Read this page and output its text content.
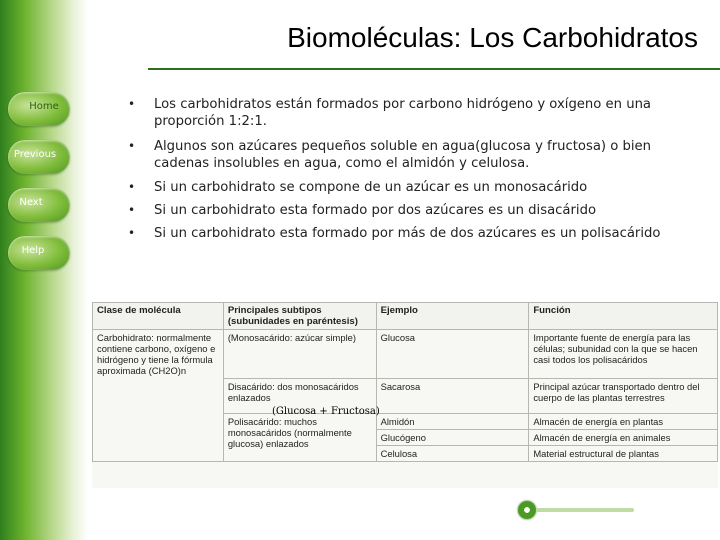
Home
Previous
Next
Help
Biomoléculas: Los Carbohidratos

• Los carbohidratos están formados por carbono hidrógeno y oxígeno en una proporción 1:2:1.

• Algunos son azúcares pequeños soluble en agua(glucosa y fructosa) o bien cadenas insolubles en agua, como el almidón y celulosa.

• Si un carbohidrato se compone de un azúcar es un monosacárido

• Si un carbohidrato esta formado por dos azúcares es un disacárido

• Si un carbohidrato esta formado por más de dos azúcares es un polisacárido

Clase de molécula	Principales subtipos (subunidades en paréntesis)	Ejemplo	Función
Carbohidrato: normalmente contiene carbono, oxígeno e hidrógeno y tiene la fórmula aproximada (CH2O)n	(Monosacárido: azúcar simple)	Glucosa	Importante fuente de energía para las células; subunidad con la que se hacen casi todos los polisacáridos
	Disacárido: dos monosacáridos enlazados	Sacarosa	Principal azúcar transportado dentro del cuerpo de las plantas terrestres
	Polisacárido: muchos monosacáridos (normalmente glucosa) enlazados	Almidón	Almacén de energía en plantas
		Glucógeno	Almacén de energía en animales
		Celulosa	Material estructural de plantas
(Glucosa + Fructosa)
